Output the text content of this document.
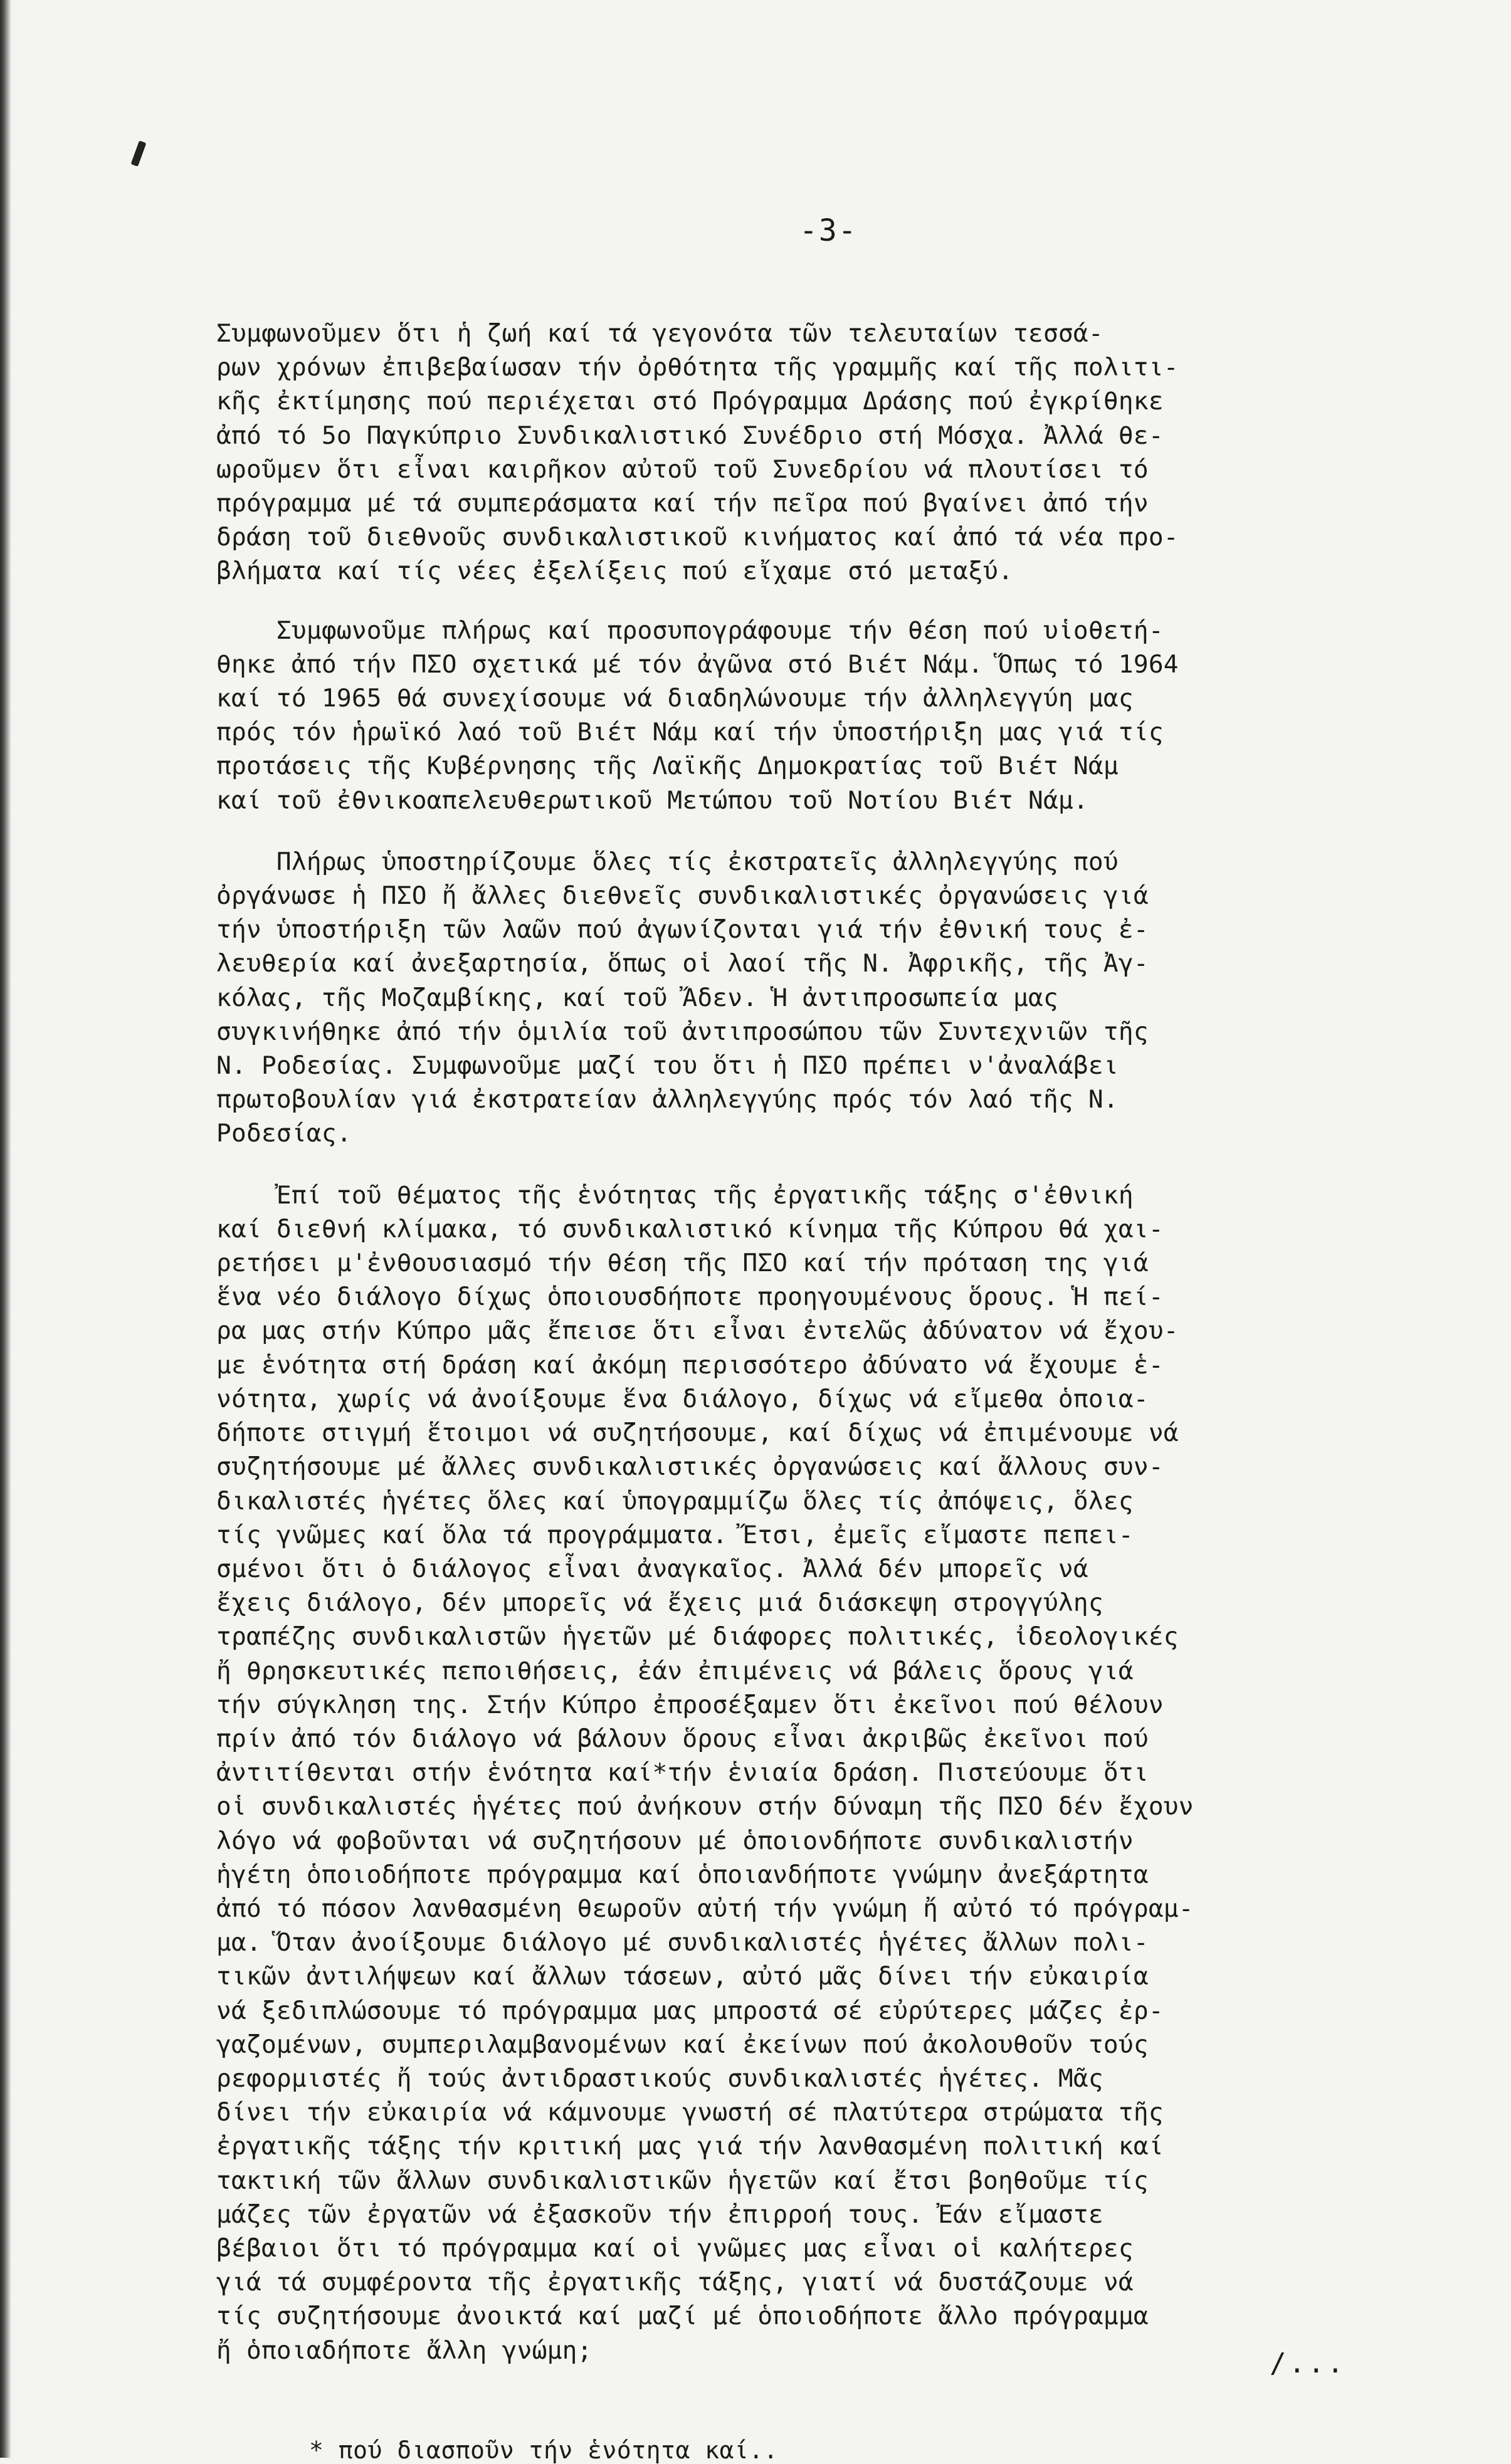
-3-

Συμφωνοῦμεν ὅτι ἡ ζωή καί τά γεγονότα τῶν τελευταίων τεσσά-
ρων χρόνων ἐπιβεβαίωσαν τήν ὀρθότητα τῆς γραμμῆς καί τῆς πολιτι-
κῆς ἐκτίμησης πού περιέχεται στό Πρόγραμμα Δράσης πού ἐγκρίθηκε
ἀπό τό 5ο Παγκύπριο Συνδικαλιστικό Συνέδριο στή Μόσχα. Ἀλλά θε-
ωροῦμεν ὅτι εἶναι καιρῆκον αὐτοῦ τοῦ Συνεδρίου νά πλουτίσει τό
πρόγραμμα μέ τά συμπεράσματα καί τήν πεῖρα πού βγαίνει ἀπό τήν
δράση τοῦ διεθνοῦς συνδικαλιστικοῦ κινήματος καί ἀπό τά νέα προ-
βλήματα καί τίς νέες ἐξελίξεις πού εἴχαμε στό μεταξύ.

Συμφωνοῦμε πλήρως καί προσυπογράφουμε τήν θέση πού υἱοθετή-
θηκε ἀπό τήν ΠΣΟ σχετικά μέ τόν ἀγῶνα στό Βιέτ Νάμ. Ὅπως τό 1964
καί τό 1965 θά συνεχίσουμε νά διαδηλώνουμε τήν ἀλληλεγγύη μας
πρός τόν ἡρωϊκό λαό τοῦ Βιέτ Νάμ καί τήν ὑποστήριξη μας γιά τίς
προτάσεις τῆς Κυβέρνησης τῆς Λαϊκῆς Δημοκρατίας τοῦ Βιέτ Νάμ
καί τοῦ ἐθνικοαπελευθερωτικοῦ Μετώπου τοῦ Νοτίου Βιέτ Νάμ.

Πλήρως ὑποστηρίζουμε ὅλες τίς ἐκστρατεῖς ἀλληλεγγύης πού
ὀργάνωσε ἡ ΠΣΟ ἤ ἄλλες διεθνεῖς συνδικαλιστικές ὀργανώσεις γιά
τήν ὑποστήριξη τῶν λαῶν πού ἀγωνίζονται γιά τήν ἐθνική τους ἐ-
λευθερία καί ἀνεξαρτησία, ὅπως οἱ λαοί τῆς Ν. Ἀφρικῆς, τῆς Ἀγ-
κόλας, τῆς Μοζαμβίκης, καί τοῦ Ἄδεν. Ἡ ἀντιπροσωπεία μας
συγκινήθηκε ἀπό τήν ὁμιλία τοῦ ἀντιπροσώπου τῶν Συντεχνιῶν τῆς
Ν. Ροδεσίας. Συμφωνοῦμε μαζί του ὅτι ἡ ΠΣΟ πρέπει ν'ἀναλάβει
πρωτοβουλίαν γιά ἐκστρατείαν ἀλληλεγγύης πρός τόν λαό τῆς Ν.
Ροδεσίας.

Ἐπί τοῦ θέματος τῆς ἑνότητας τῆς ἐργατικῆς τάξης σ'ἐθνική
καί διεθνή κλίμακα, τό συνδικαλιστικό κίνημα τῆς Κύπρου θά χαι-
ρετήσει μ'ἐνθουσιασμό τήν θέση τῆς ΠΣΟ καί τήν πρόταση της γιά
ἕνα νέο διάλογο δίχως ὁποιουσδήποτε προηγουμένους ὅρους. Ἡ πεί-
ρα μας στήν Κύπρο μᾶς ἔπεισε ὅτι εἶναι ἐντελῶς ἀδύνατον νά ἔχου-
με ἑνότητα στή δράση καί ἀκόμη περισσότερο ἀδύνατο νά ἔχουμε ἑ-
νότητα, χωρίς νά ἀνοίξουμε ἕνα διάλογο, δίχως νά εἴμεθα ὁποια-
δήποτε στιγμή ἕτοιμοι νά συζητήσουμε, καί δίχως νά ἐπιμένουμε νά
συζητήσουμε μέ ἄλλες συνδικαλιστικές ὀργανώσεις καί ἄλλους συν-
δικαλιστές ἡγέτες ὅλες καί ὑπογραμμίζω ὅλες τίς ἀπόψεις, ὅλες
τίς γνῶμες καί ὅλα τά προγράμματα. Ἔτσι, ἐμεῖς εἴμαστε πεπει-
σμένοι ὅτι ὁ διάλογος εἶναι ἀναγκαῖος. Ἀλλά δέν μπορεῖς νά
ἔχεις διάλογο, δέν μπορεῖς νά ἔχεις μιά διάσκεψη στρογγύλης
τραπέζης συνδικαλιστῶν ἡγετῶν μέ διάφορες πολιτικές, ἰδεολογικές
ἤ θρησκευτικές πεποιθήσεις, ἐάν ἐπιμένεις νά βάλεις ὅρους γιά
τήν σύγκληση της. Στήν Κύπρο ἐπροσέξαμεν ὅτι ἐκεῖνοι πού θέλουν
πρίν ἀπό τόν διάλογο νά βάλουν ὅρους εἶναι ἀκριβῶς ἐκεῖνοι πού
ἀντιτίθενται στήν ἑνότητα καί*τήν ἑνιαία δράση. Πιστεύουμε ὅτι
οἱ συνδικαλιστές ἡγέτες πού ἀνήκουν στήν δύναμη τῆς ΠΣΟ δέν ἔχουν
λόγο νά φοβοῦνται νά συζητήσουν μέ ὁποιονδήποτε συνδικαλιστήν
ἡγέτη ὁποιοδήποτε πρόγραμμα καί ὁποιανδήποτε γνώμην ἀνεξάρτητα
ἀπό τό πόσον λανθασμένη θεωροῦν αὐτή τήν γνώμη ἤ αὐτό τό πρόγραμ-
μα. Ὅταν ἀνοίξουμε διάλογο μέ συνδικαλιστές ἡγέτες ἄλλων πολι-
τικῶν ἀντιλήψεων καί ἄλλων τάσεων, αὐτό μᾶς δίνει τήν εὐκαιρία
νά ξεδιπλώσουμε τό πρόγραμμα μας μπροστά σέ εὐρύτερες μάζες ἐρ-
γαζομένων, συμπεριλαμβανομένων καί ἐκείνων πού ἀκολουθοῦν τούς
ρεφορμιστές ἤ τούς ἀντιδραστικούς συνδικαλιστές ἡγέτες. Μᾶς
δίνει τήν εὐκαιρία νά κάμνουμε γνωστή σέ πλατύτερα στρώματα τῆς
ἐργατικῆς τάξης τήν κριτική μας γιά τήν λανθασμένη πολιτική καί
τακτική τῶν ἄλλων συνδικαλιστικῶν ἡγετῶν καί ἔτσι βοηθοῦμε τίς
μάζες τῶν ἐργατῶν νά ἐξασκοῦν τήν ἐπιρροή τους. Ἐάν εἴμαστε
βέβαιοι ὅτι τό πρόγραμμα καί οἱ γνῶμες μας εἶναι οἱ καλήτερες
γιά τά συμφέροντα τῆς ἐργατικῆς τάξης, γιατί νά δυστάζουμε νά
τίς συζητήσουμε ἀνοικτά καί μαζί μέ ὁποιοδήποτε ἄλλο πρόγραμμα
ἤ ὁποιαδήποτε ἄλλη γνώμη;	/...
* πού διασποῦν τήν ἑνότητα καί..
